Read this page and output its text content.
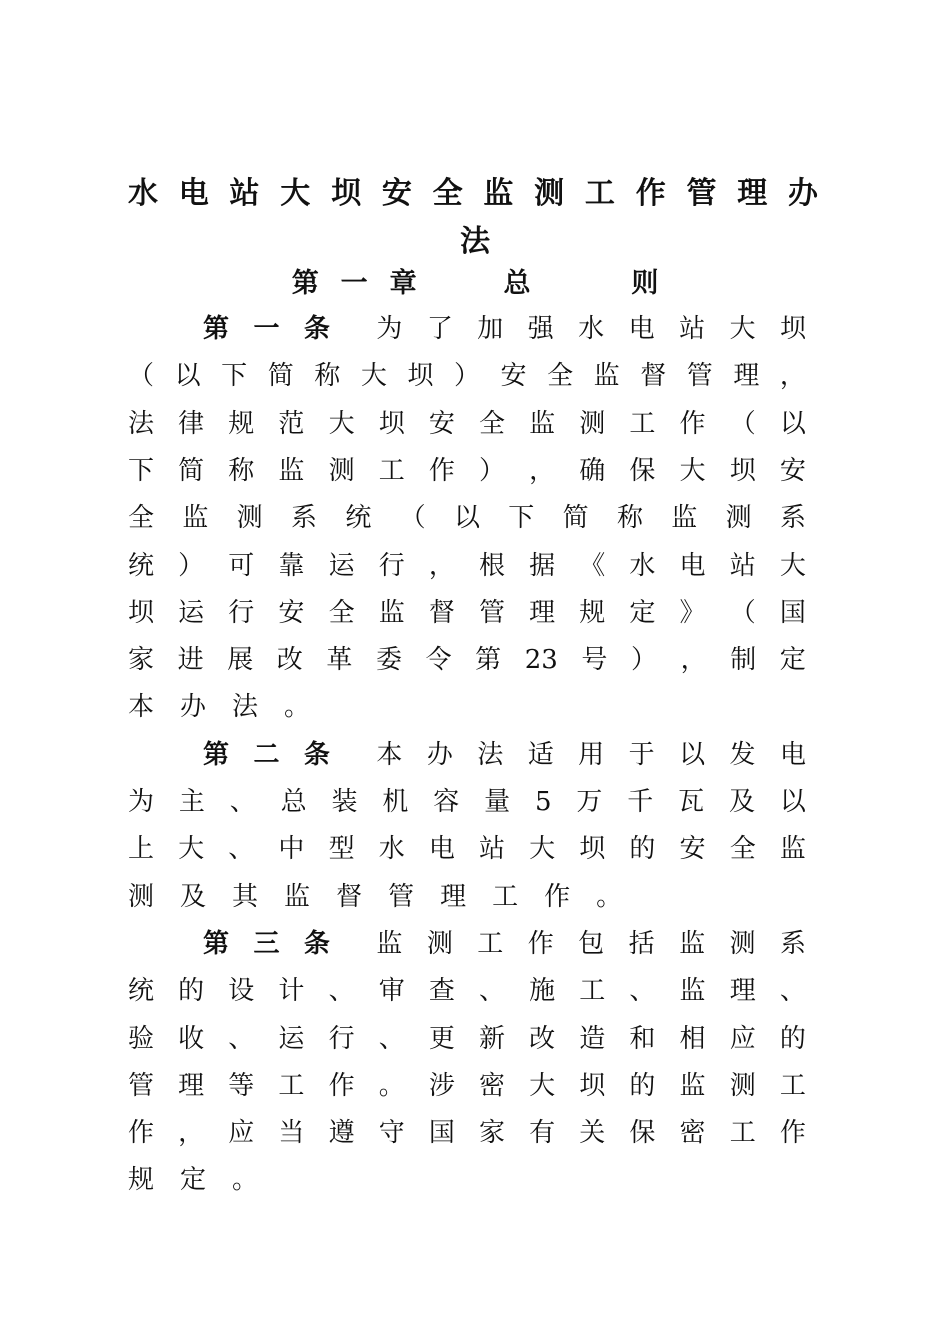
水电站大坝安全监测工作管理办
法
第一章 总	则
第 一 条 为 了 加 强 水 电 站 大 坝
（ 以 下 简 称 大 坝 ） 安 全 监 督 管 理 ，
法 律 规 范 大 坝 安 全 监 测 工 作 （ 以
下 简 称 监 测 工 作 ） ， 确 保 大 坝 安
全 监 测 系 统 （ 以 下 简 称 监 测 系
统 ） 可 靠 运 行 ， 根 据 《 水 电 站 大
坝 运 行 安 全 监 督 管 理 规 定 》 （ 国
家 进 展 改 革 委 令 第 23 号 ） ， 制 定
本 办 法 。
第 二 条 本 办 法 适 用 于 以 发 电
为 主 、 总 装 机 容 量 5 万 千 瓦 及 以
上 大 、 中 型 水 电 站 大 坝 的 安 全 监
测 及 其 监 督 管 理 工 作 。
第 三 条 监 测 工 作 包 括 监 测 系
统 的 设 计 、 审 查 、 施 工 、 监 理 、
验 收 、 运 行 、 更 新 改 造 和 相 应 的
管 理 等 工 作 。 涉 密 大 坝 的 监 测 工
作 ， 应 当 遵 守 国 家 有 关 保 密 工 作
规 定 。
